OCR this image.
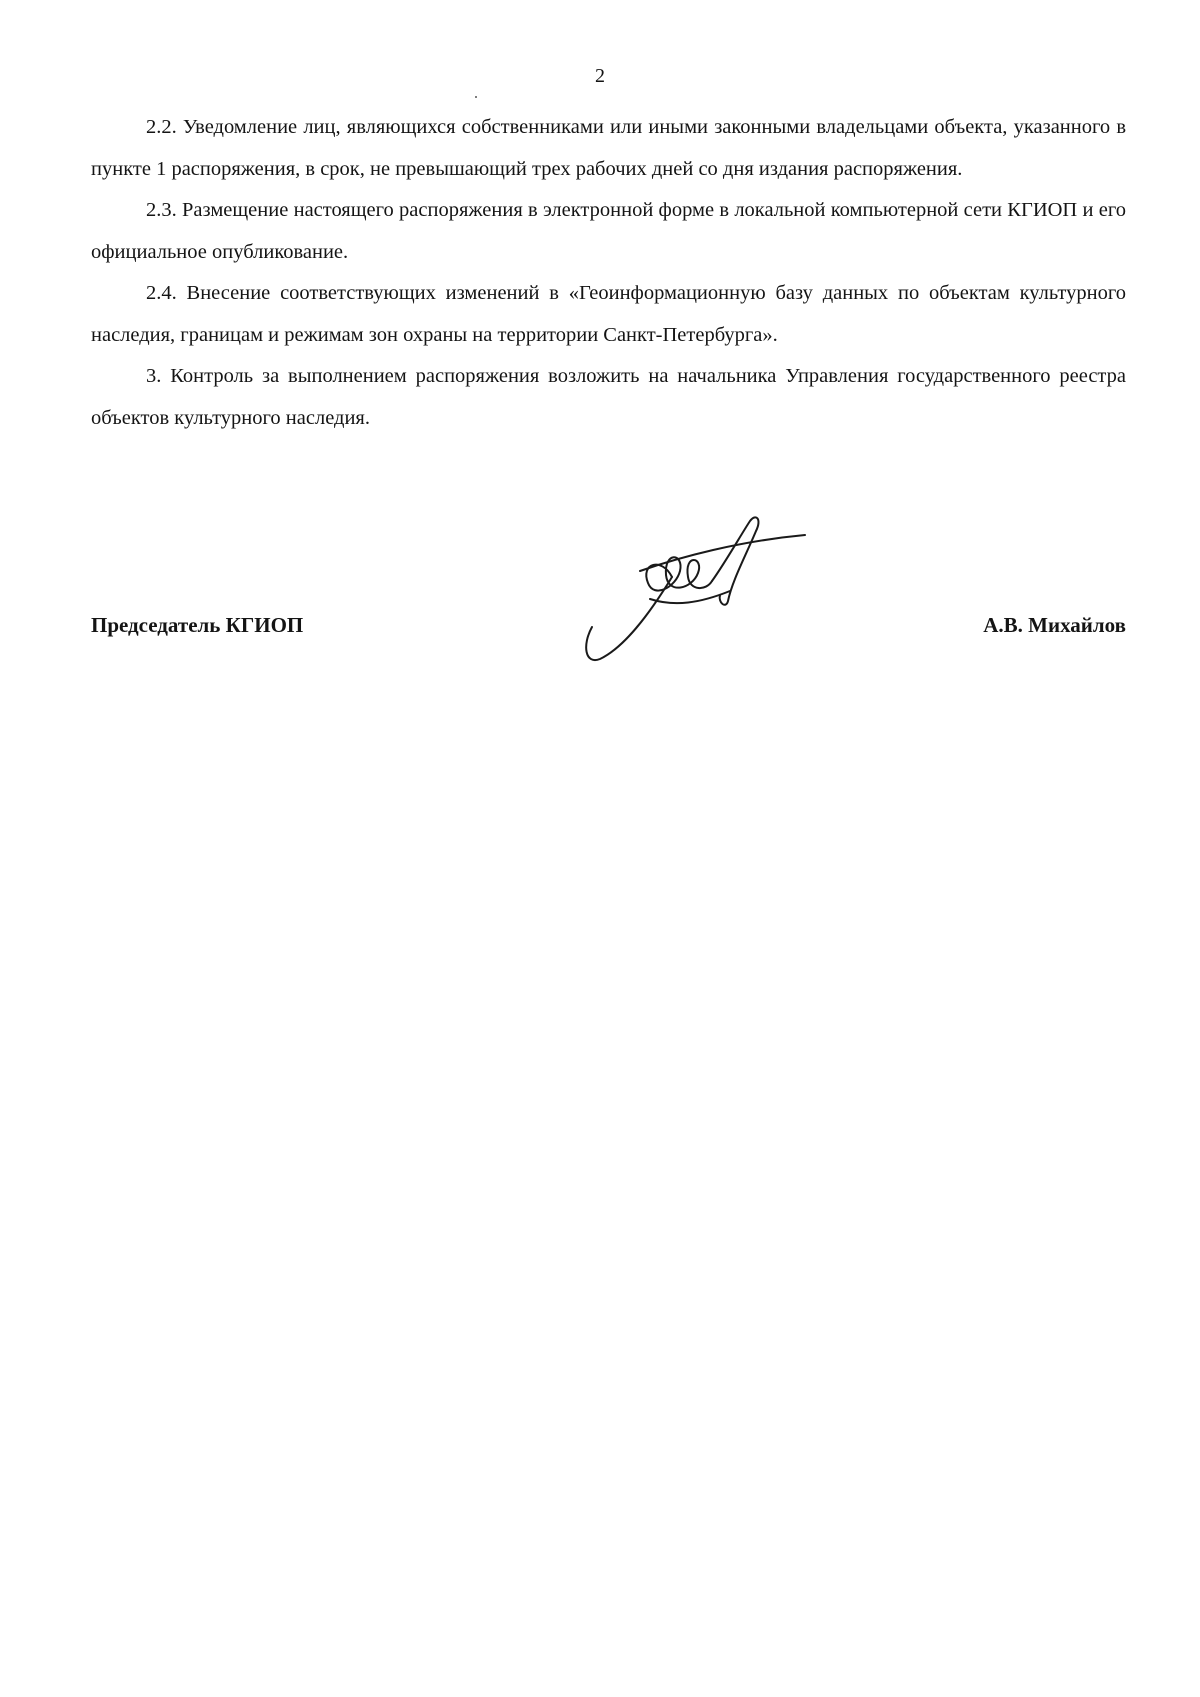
2

2.2. Уведомление лиц, являющихся собственниками или иными законными владельцами объекта, указанного в пункте 1 распоряжения, в срок, не превышающий трех рабочих дней со дня издания распоряжения.

2.3. Размещение настоящего распоряжения в электронной форме в локальной компьютерной сети КГИОП и его официальное опубликование.

2.4. Внесение соответствующих изменений в «Геоинформационную базу данных по объектам культурного наследия, границам и режимам зон охраны на территории Санкт-Петербурга».

3. Контроль за выполнением распоряжения возложить на начальника Управления государственного реестра объектов культурного наследия.

Председатель КГИОП	А.В. Михайлов
